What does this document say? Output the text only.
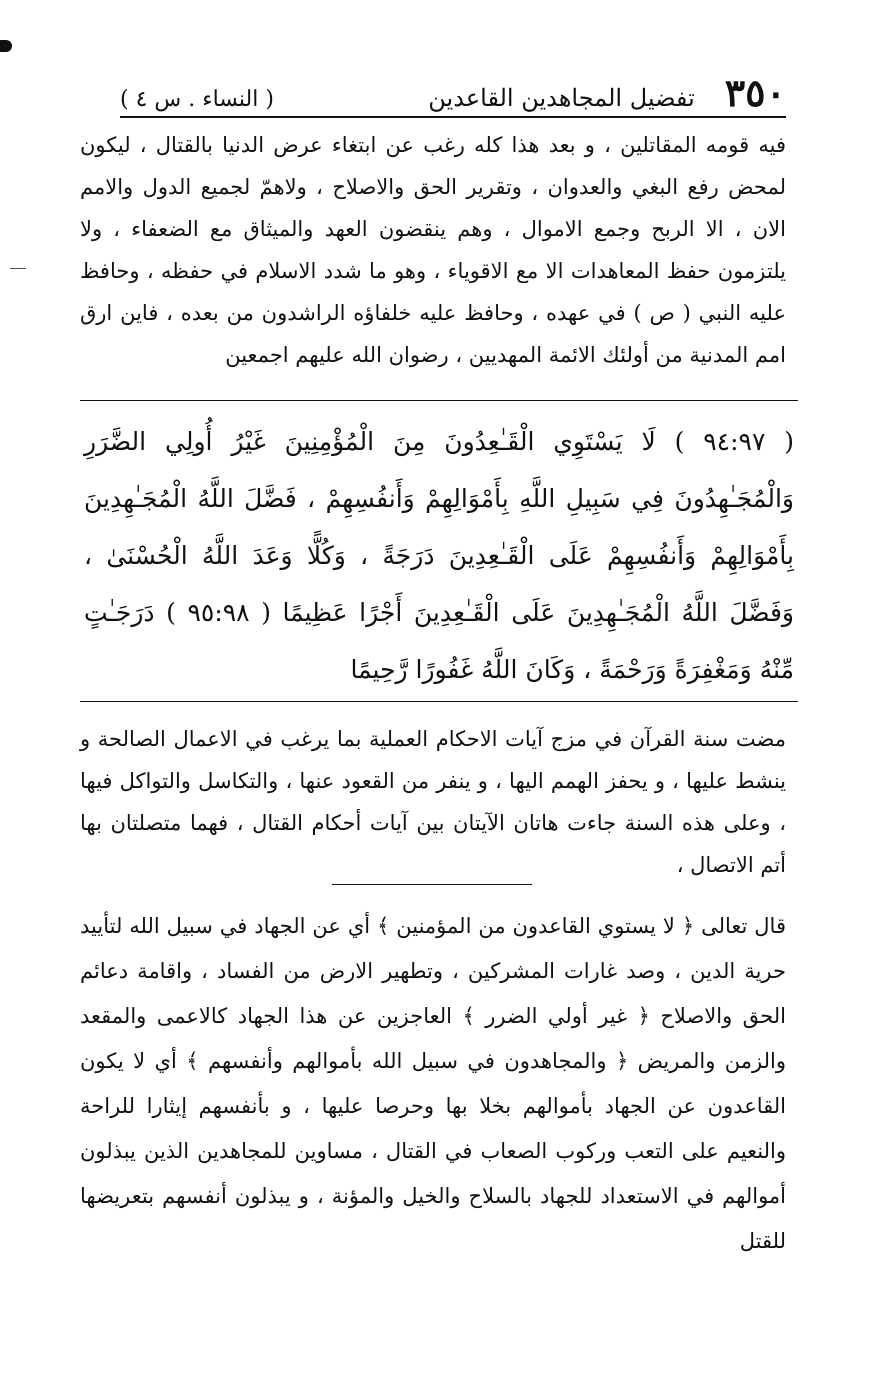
٣٥٠
تفضيل المجاهدين القاعدين
( النساء . س ٤ )

فيه قومه المقاتلين ، و بعد هذا كله رغب عن ابتغاء عرض الدنيا بالقتال ، ليكون لمحض رفع البغي والعدوان ، وتقرير الحق والاصلاح ، ولاهمّ لجميع الدول والامم الان ، الا الربح وجمع الاموال ، وهم ينقضون العهد والميثاق مع الضعفاء ، ولا يلتزمون حفظ المعاهدات الا مع الاقوياء ، وهو ما شدد الاسلام في حفظه ، وحافظ عليه النبي ( ص ) في عهده ، وحافظ عليه خلفاؤه الراشدون من بعده ، فاين ارق امم المدنية من أولئك الائمة المهديين ، رضوان الله عليهم اجمعين

( ٩٤:٩٧ ) لَا يَسْتَوِي الْقَـٰعِدُونَ مِنَ الْمُؤْمِنِينَ غَيْرُ أُولِي الضَّرَرِ وَالْمُجَـٰهِدُونَ فِي سَبِيلِ اللَّهِ بِأَمْوَالِهِمْ وَأَنفُسِهِمْ ، فَضَّلَ اللَّهُ الْمُجَـٰهِدِينَ بِأَمْوَالِهِمْ وَأَنفُسِهِمْ عَلَى الْقَـٰعِدِينَ دَرَجَةً ، وَكُلًّا وَعَدَ اللَّهُ الْحُسْنَىٰ ، وَفَضَّلَ اللَّهُ الْمُجَـٰهِدِينَ عَلَى الْقَـٰعِدِينَ أَجْرًا عَظِيمًا ( ٩٥:٩٨ ) دَرَجَـٰتٍ مِّنْهُ وَمَغْفِرَةً وَرَحْمَةً ، وَكَانَ اللَّهُ غَفُورًا رَّحِيمًا

مضت سنة القرآن في مزج آيات الاحكام العملية بما يرغب في الاعمال الصالحة و ينشط عليها ، و يحفز الهمم اليها ، و ينفر من القعود عنها ، والتكاسل والتواكل فيها ، وعلى هذه السنة جاءت هاتان الآيتان بين آيات أحكام القتال ، فهما متصلتان بها أتم الاتصال ،

قال تعالى ﴿ لا يستوي القاعدون من المؤمنين ﴾ أي عن الجهاد في سبيل الله لتأييد حرية الدين ، وصد غارات المشركين ، وتطهير الارض من الفساد ، واقامة دعائم الحق والاصلاح ﴿ غير أولي الضرر ﴾ العاجزين عن هذا الجهاد كالاعمى والمقعد والزمن والمريض ﴿ والمجاهدون في سبيل الله بأموالهم وأنفسهم ﴾ أي لا يكون القاعدون عن الجهاد بأموالهم بخلا بها وحرصا عليها ، و بأنفسهم إيثارا للراحة والنعيم على التعب وركوب الصعاب في القتال ، مساوين للمجاهدين الذين يبذلون أموالهم في الاستعداد للجهاد بالسلاح والخيل والمؤنة ، و يبذلون أنفسهم بتعريضها للقتل
